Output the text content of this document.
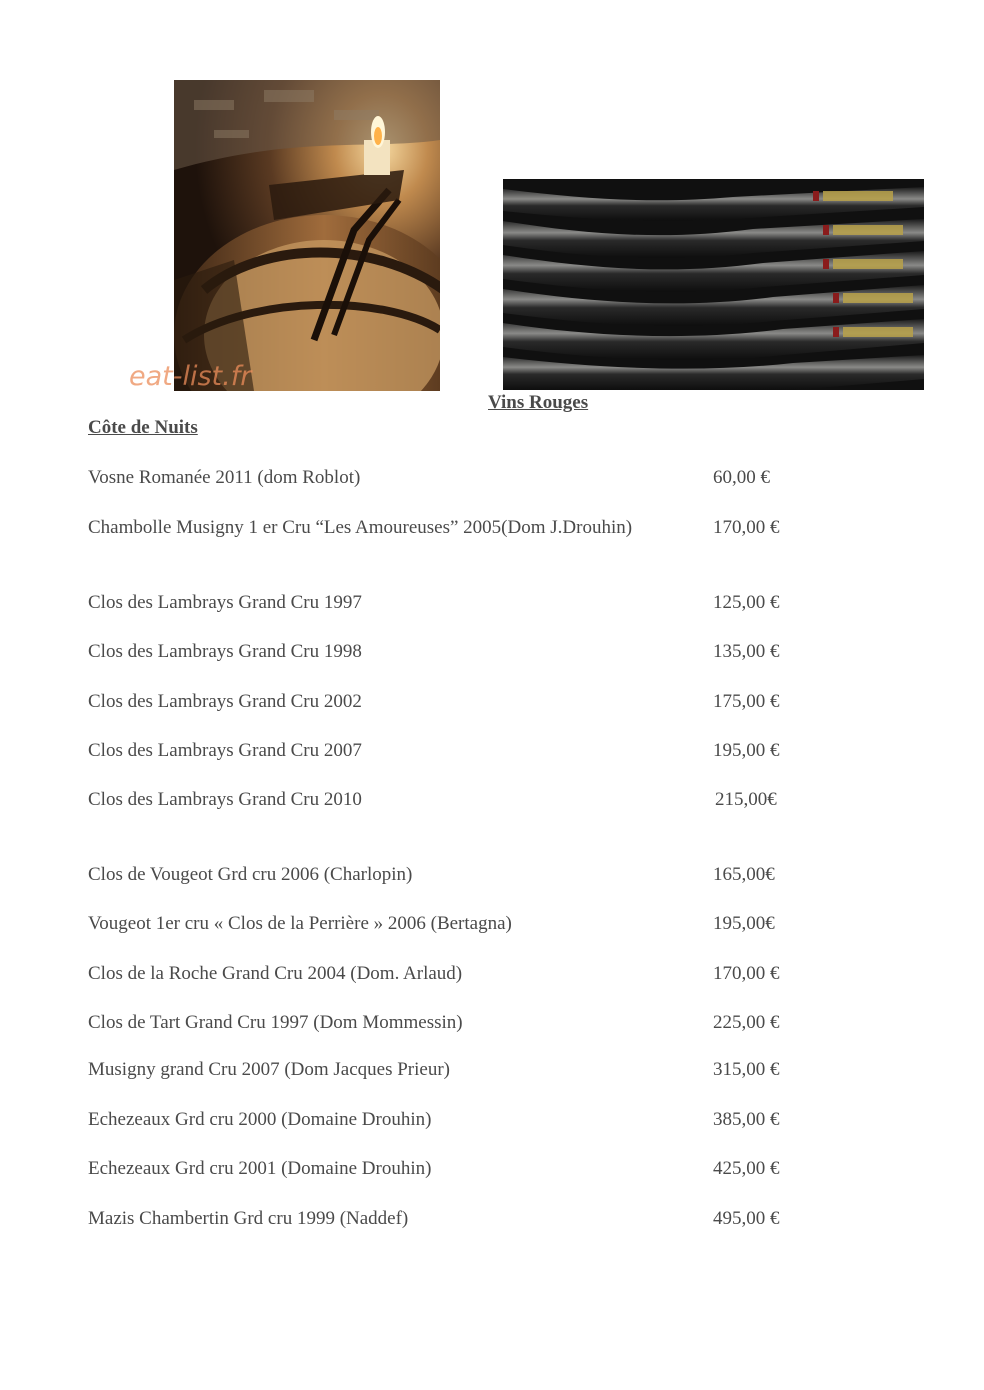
eat-list.fr
Vins Rouges
Côte de Nuits
Vosne Romanée 2011 (dom Roblot)	60,00 €
Chambolle Musigny 1 er Cru “Les Amoureuses” 2005(Dom J.Drouhin)	170,00 €
Clos des Lambrays Grand Cru 1997	125,00 €
Clos des Lambrays Grand Cru 1998	135,00 €
Clos des Lambrays Grand Cru 2002	175,00 €
Clos des Lambrays Grand Cru 2007	195,00 €
Clos des Lambrays Grand Cru 2010	215,00€
Clos de Vougeot Grd cru 2006 (Charlopin)	165,00€
Vougeot 1er cru « Clos de la Perrière » 2006 (Bertagna)	195,00€
Clos de la Roche Grand Cru 2004 (Dom. Arlaud)	170,00 €
Clos de Tart Grand Cru 1997 (Dom Mommessin)	225,00 €
Musigny grand Cru 2007 (Dom Jacques Prieur)	315,00 €
Echezeaux Grd cru 2000 (Domaine Drouhin)	385,00 €
Echezeaux Grd cru 2001 (Domaine Drouhin)	425,00 €
Mazis Chambertin Grd cru 1999 (Naddef)	495,00 €
